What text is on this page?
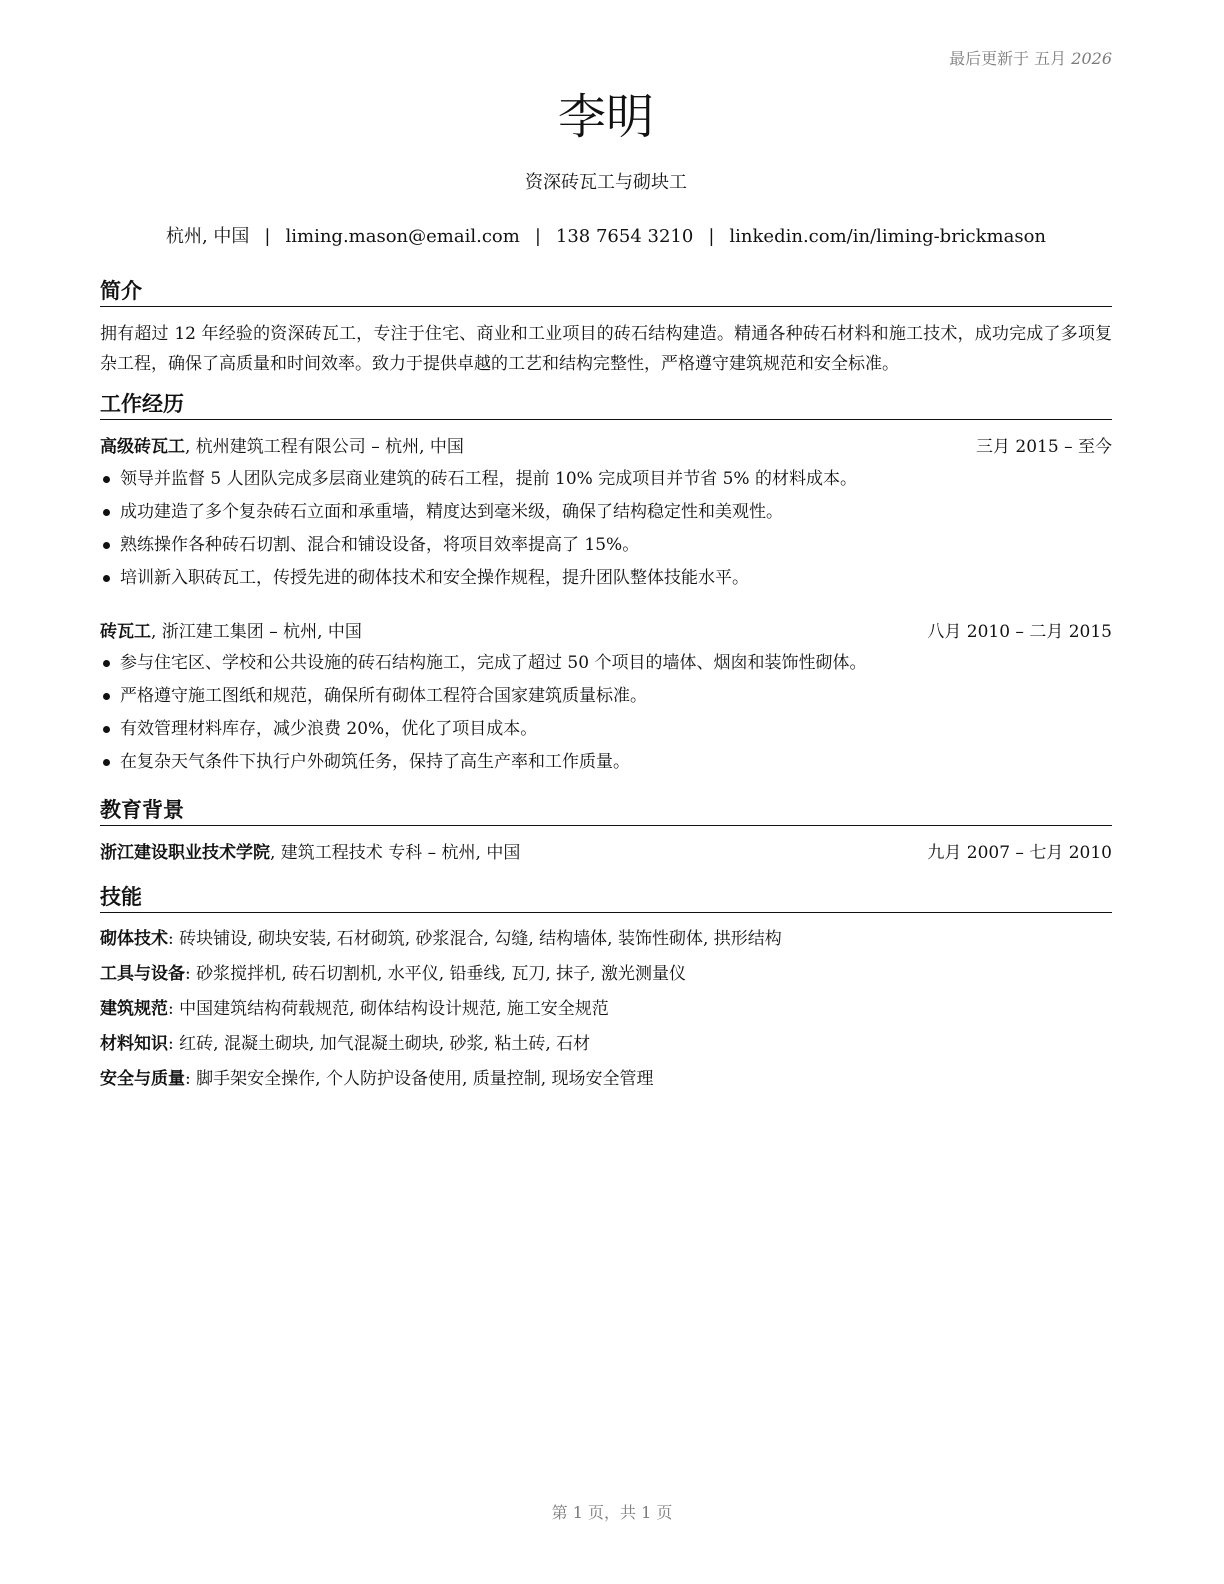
最后更新于 五月 2026
李明
资深砖瓦工与砌块工
杭州, 中国 | liming.mason@email.com | 138 7654 3210 | linkedin.com/in/liming-brickmason
简介
拥有超过 12 年经验的资深砖瓦工，专注于住宅、商业和工业项目的砖石结构建造。精通各种砖石材料和施工技术，成功完成了多项复杂工程，确保了高质量和时间效率。致力于提供卓越的工艺和结构完整性，严格遵守建筑规范和安全标准。
工作经历
高级砖瓦工, 杭州建筑工程有限公司 – 杭州, 中国	三月 2015 – 至今
领导并监督 5 人团队完成多层商业建筑的砖石工程，提前 10% 完成项目并节省 5% 的材料成本。
成功建造了多个复杂砖石立面和承重墙，精度达到毫米级，确保了结构稳定性和美观性。
熟练操作各种砖石切割、混合和铺设设备，将项目效率提高了 15%。
培训新入职砖瓦工，传授先进的砌体技术和安全操作规程，提升团队整体技能水平。
砖瓦工, 浙江建工集团 – 杭州, 中国	八月 2010 – 二月 2015
参与住宅区、学校和公共设施的砖石结构施工，完成了超过 50 个项目的墙体、烟囱和装饰性砌体。
严格遵守施工图纸和规范，确保所有砌体工程符合国家建筑质量标准。
有效管理材料库存，减少浪费 20%，优化了项目成本。
在复杂天气条件下执行户外砌筑任务，保持了高生产率和工作质量。
教育背景
浙江建设职业技术学院, 建筑工程技术 专科 – 杭州, 中国	九月 2007 – 七月 2010
技能
砌体技术: 砖块铺设, 砌块安装, 石材砌筑, 砂浆混合, 勾缝, 结构墙体, 装饰性砌体, 拱形结构
工具与设备: 砂浆搅拌机, 砖石切割机, 水平仪, 铅垂线, 瓦刀, 抹子, 激光测量仪
建筑规范: 中国建筑结构荷载规范, 砌体结构设计规范, 施工安全规范
材料知识: 红砖, 混凝土砌块, 加气混凝土砌块, 砂浆, 粘土砖, 石材
安全与质量: 脚手架安全操作, 个人防护设备使用, 质量控制, 现场安全管理
第 1 页，共 1 页
